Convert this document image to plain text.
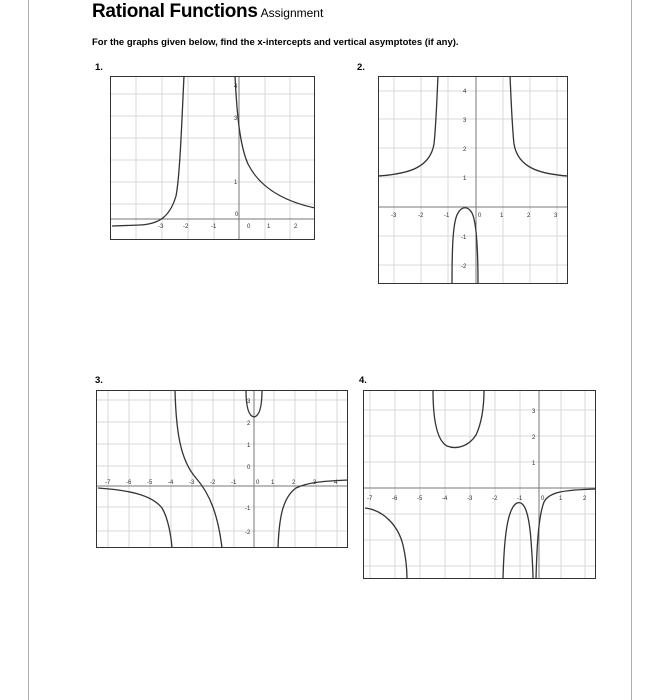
Rational Functions Assignment
For the graphs given below, find the x-intercepts and vertical asymptotes (if any).
1.	2.
3.	4.
-3	-2	-1	0	1	2
0
1
3
4
-3	-2	-1	0	1	2	3
4
3
2
1
-1
-2
-7	-6	-5	-4	-3	-2	-1	0 1	2	3	4
3
2
1
0
-1
-2
-7	-6	-5	-4	-3	-2	-1	0 1	2
3
2
1
